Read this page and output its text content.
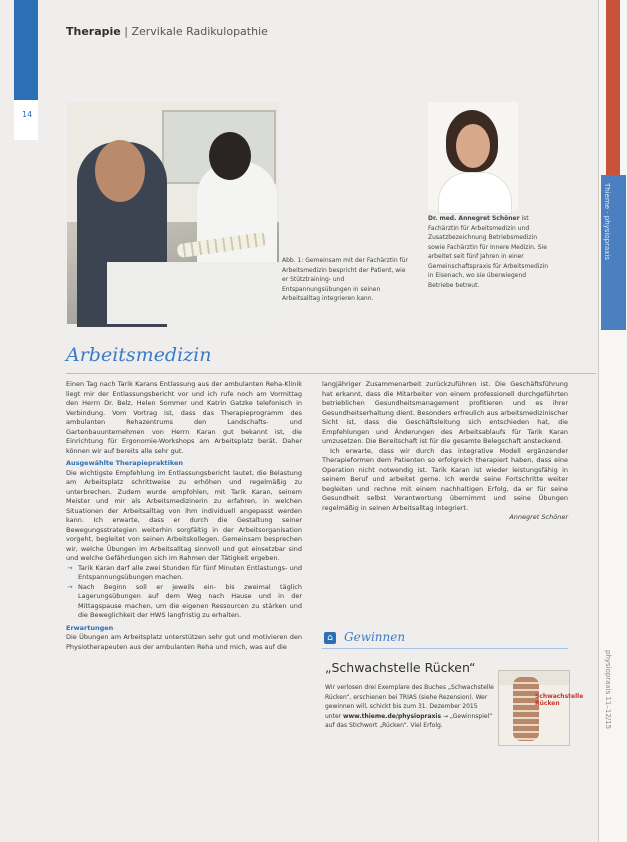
14
Therapie | Zervikale Radikulopathie
Abb. 1: Gemeinsam mit der Fachärztin für Arbeitsmedizin bespricht der Patient, wie er Stütztraining- und Entspannungsübungen in seinen Arbeitsalltag integrieren kann.
Dr. med. Annegret Schöner ist Fachärztin für Arbeitsmedizin und Zusatzbezeichnung Betriebsmedizin sowie Fachärztin für Innere Medizin. Sie arbeitet seit fünf Jahren in einer Gemeinschaftspraxis für Arbeitsmedizin in Eisenach, wo sie überwiegend Betriebe betreut.
Arbeitsmedizin

Einen Tag nach Tarik Karans Entlassung aus der ambulanten Reha-Klinik liegt mir der Entlassungsbericht vor und ich rufe noch am Vormittag den Herrn Dr. Belz, Helen Sommer und Katrin Gatzke telefonisch in Verbindung. Vom Vortrag ist, dass das Therapieprogramm des ambulanten Rehazentrums den Landschafts- und Gartenbauunternehmen von Herrn Karan gut bekannt ist, die Einrichtung für Ergonomie-Workshops am Arbeitsplatz berät. Daher können wir auf bereits alle sehr gut.

Ausgewählte Therapiepraktiken

Die wichtigste Empfehlung im Entlassungsbericht lautet, die Belastung am Arbeitsplatz schrittweise zu erhöhen und regelmäßig zu unterbrechen. Zudem wurde empfohlen, mit Tarik Karan, seinem Meister und mir als Arbeitsmedizinerin zu erfahren, in welchen Situationen der Arbeitsalltag von ihm individuell angepasst werden kann. Ich erwarte, dass er durch die Gestaltung seiner Bewegungsstrategien weiterhin sorgfältig in der Arbeitsorganisation vorgeht, begleitet von seinen Arbeitskollegen. Gemeinsam besprechen wir, welche Übungen im Arbeitsalltag sinnvoll und gut einsetzbar sind und welche Gefährdungen sich im Rahmen der Tätigkeit ergeben.

→ Tarik Karan darf alle zwei Stunden für fünf Minuten Entlastungs- und Entspannungsübungen machen.
→ Nach Beginn soll er jeweils ein- bis zweimal täglich Lagerungsübungen auf dem Weg nach Hause und in der Mittagspause machen, um die eigenen Ressourcen zu stärken und die Beweglichkeit der HWS langfristig zu erhalten.

Erwartungen

Die Übungen am Arbeitsplatz unterstützen sehr gut und motivieren den Physiotherapeuten aus der ambulanten Reha und mich, was auf die

langjähriger Zusammenarbeit zurückzuführen ist. Die Geschäftsführung hat erkannt, dass die Mitarbeiter von einem professionell durchgeführten betrieblichen Gesundheitsmanagement profitieren und es ihrer Gesundheitserhaltung dient. Besonders erfreulich aus arbeitsmedizinischer Sicht ist, dass die Geschäftsleitung sich entschieden hat, die Empfehlungen und Änderungen des Arbeitsablaufs für Tarik Karan umzusetzen. Die Bereitschaft ist für die gesamte Belegschaft ansteckend.

Ich erwarte, dass wir durch das integrative Modell ergänzender Therapieformen dem Patienten so erfolgreich therapiert haben, dass eine Operation nicht notwendig ist. Tarik Karan ist wieder leistungsfähig in seinem Beruf und arbeitet gerne. Ich werde seine Fortschritte weiter begleiten und rechne mit einem nachhaltigen Erfolg, da er für seine Gesundheit selbst Verantwortung übernimmt und seine Übungen regelmäßig in seinen Arbeitsalltag integriert.

Annegret Schöner

⌂ Gewinnen
„Schwachstelle Rücken“
Wir verlosen drei Exemplare des Buches „Schwachstelle Rücken“, erschienen bei TRIAS (siehe Rezension). Wer gewinnen will, schickt bis zum 31. Dezember 2015 unter www.thieme.de/physiopraxis → „Gewinnspiel“ auf das Stichwort „Rücken“. Viel Erfolg.
Schwachstelle Rücken
Thieme · physiopraxis
physiopraxis 11–12/15
